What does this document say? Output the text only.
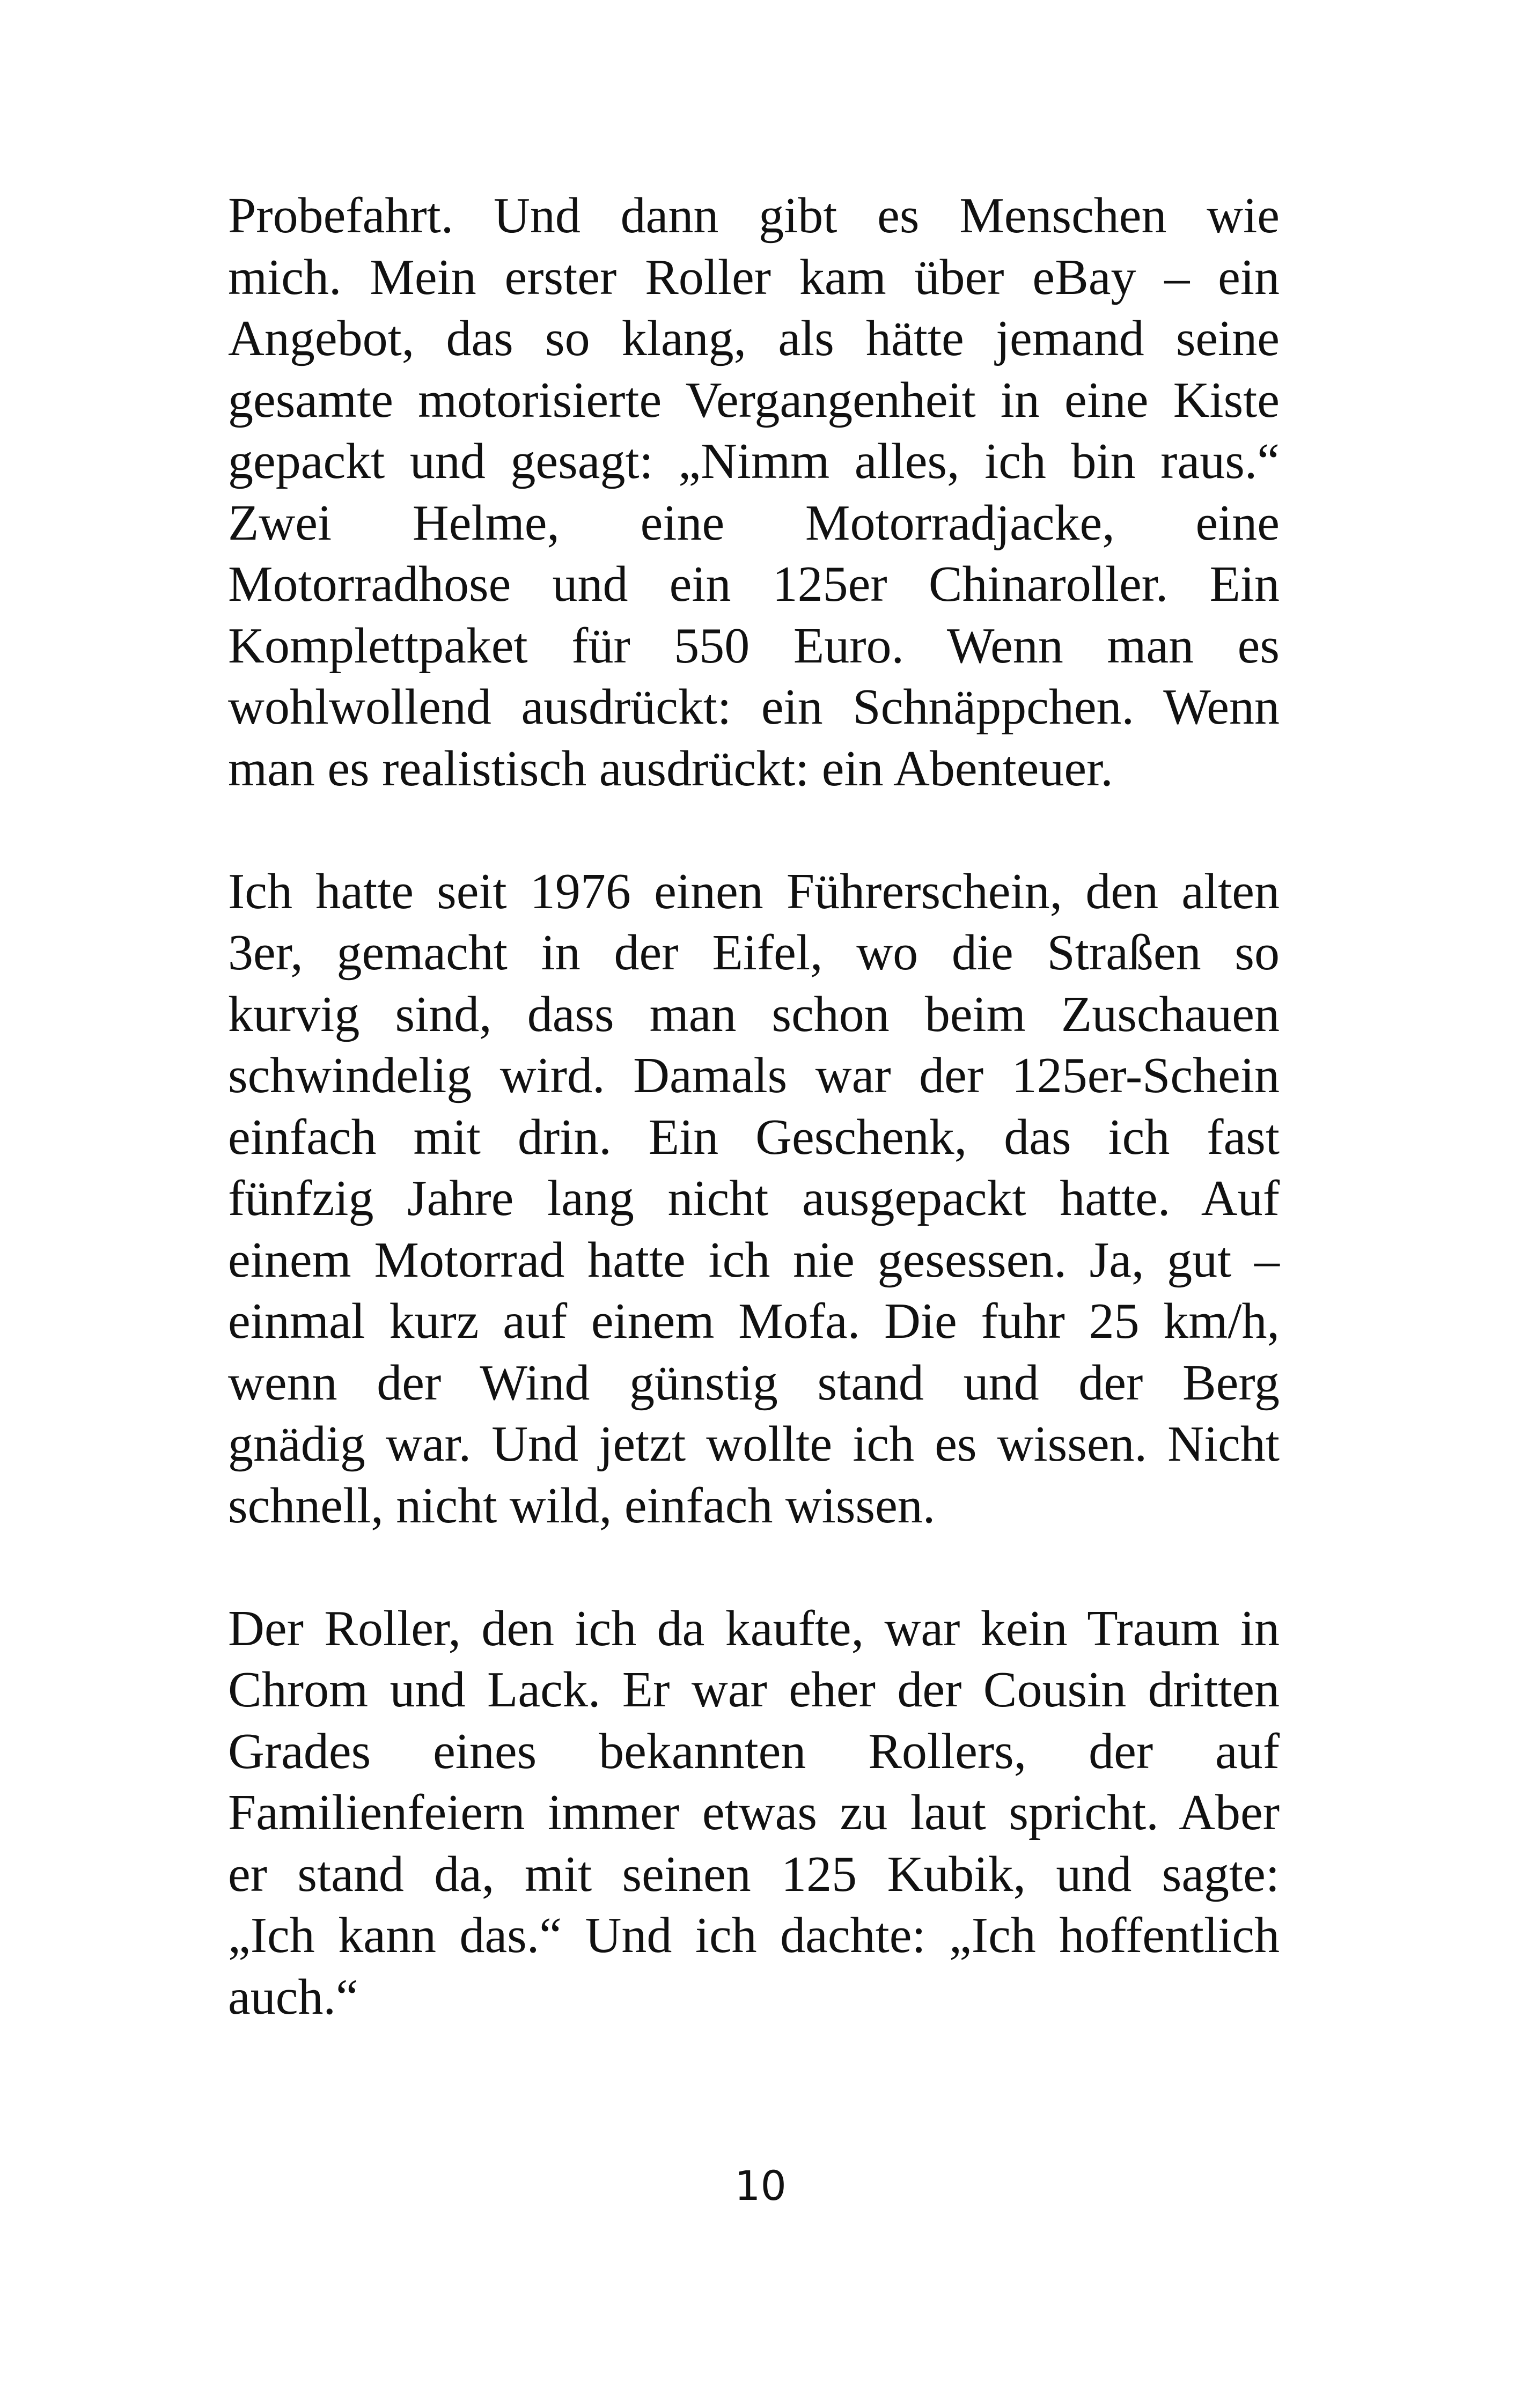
Probefahrt. Und dann gibt es Menschen wie
mich. Mein erster Roller kam über eBay – ein
Angebot, das so klang, als hätte jemand seine
gesamte motorisierte Vergangenheit in eine Kiste
gepackt und gesagt: „Nimm alles, ich bin raus.“
Zwei Helme, eine Motorradjacke, eine
Motorradhose und ein 125er Chinaroller. Ein
Komplettpaket für 550 Euro. Wenn man es
wohlwollend ausdrückt: ein Schnäppchen. Wenn
man es realistisch ausdrückt: ein Abenteuer.

Ich hatte seit 1976 einen Führerschein, den alten
3er, gemacht in der Eifel, wo die Straßen so
kurvig sind, dass man schon beim Zuschauen
schwindelig wird. Damals war der 125er-Schein
einfach mit drin. Ein Geschenk, das ich fast
fünfzig Jahre lang nicht ausgepackt hatte. Auf
einem Motorrad hatte ich nie gesessen. Ja, gut –
einmal kurz auf einem Mofa. Die fuhr 25 km/h,
wenn der Wind günstig stand und der Berg
gnädig war. Und jetzt wollte ich es wissen. Nicht
schnell, nicht wild, einfach wissen.

Der Roller, den ich da kaufte, war kein Traum in
Chrom und Lack. Er war eher der Cousin dritten
Grades eines bekannten Rollers, der auf
Familienfeiern immer etwas zu laut spricht. Aber
er stand da, mit seinen 125 Kubik, und sagte:
„Ich kann das.“ Und ich dachte: „Ich hoffentlich
auch.“

10
